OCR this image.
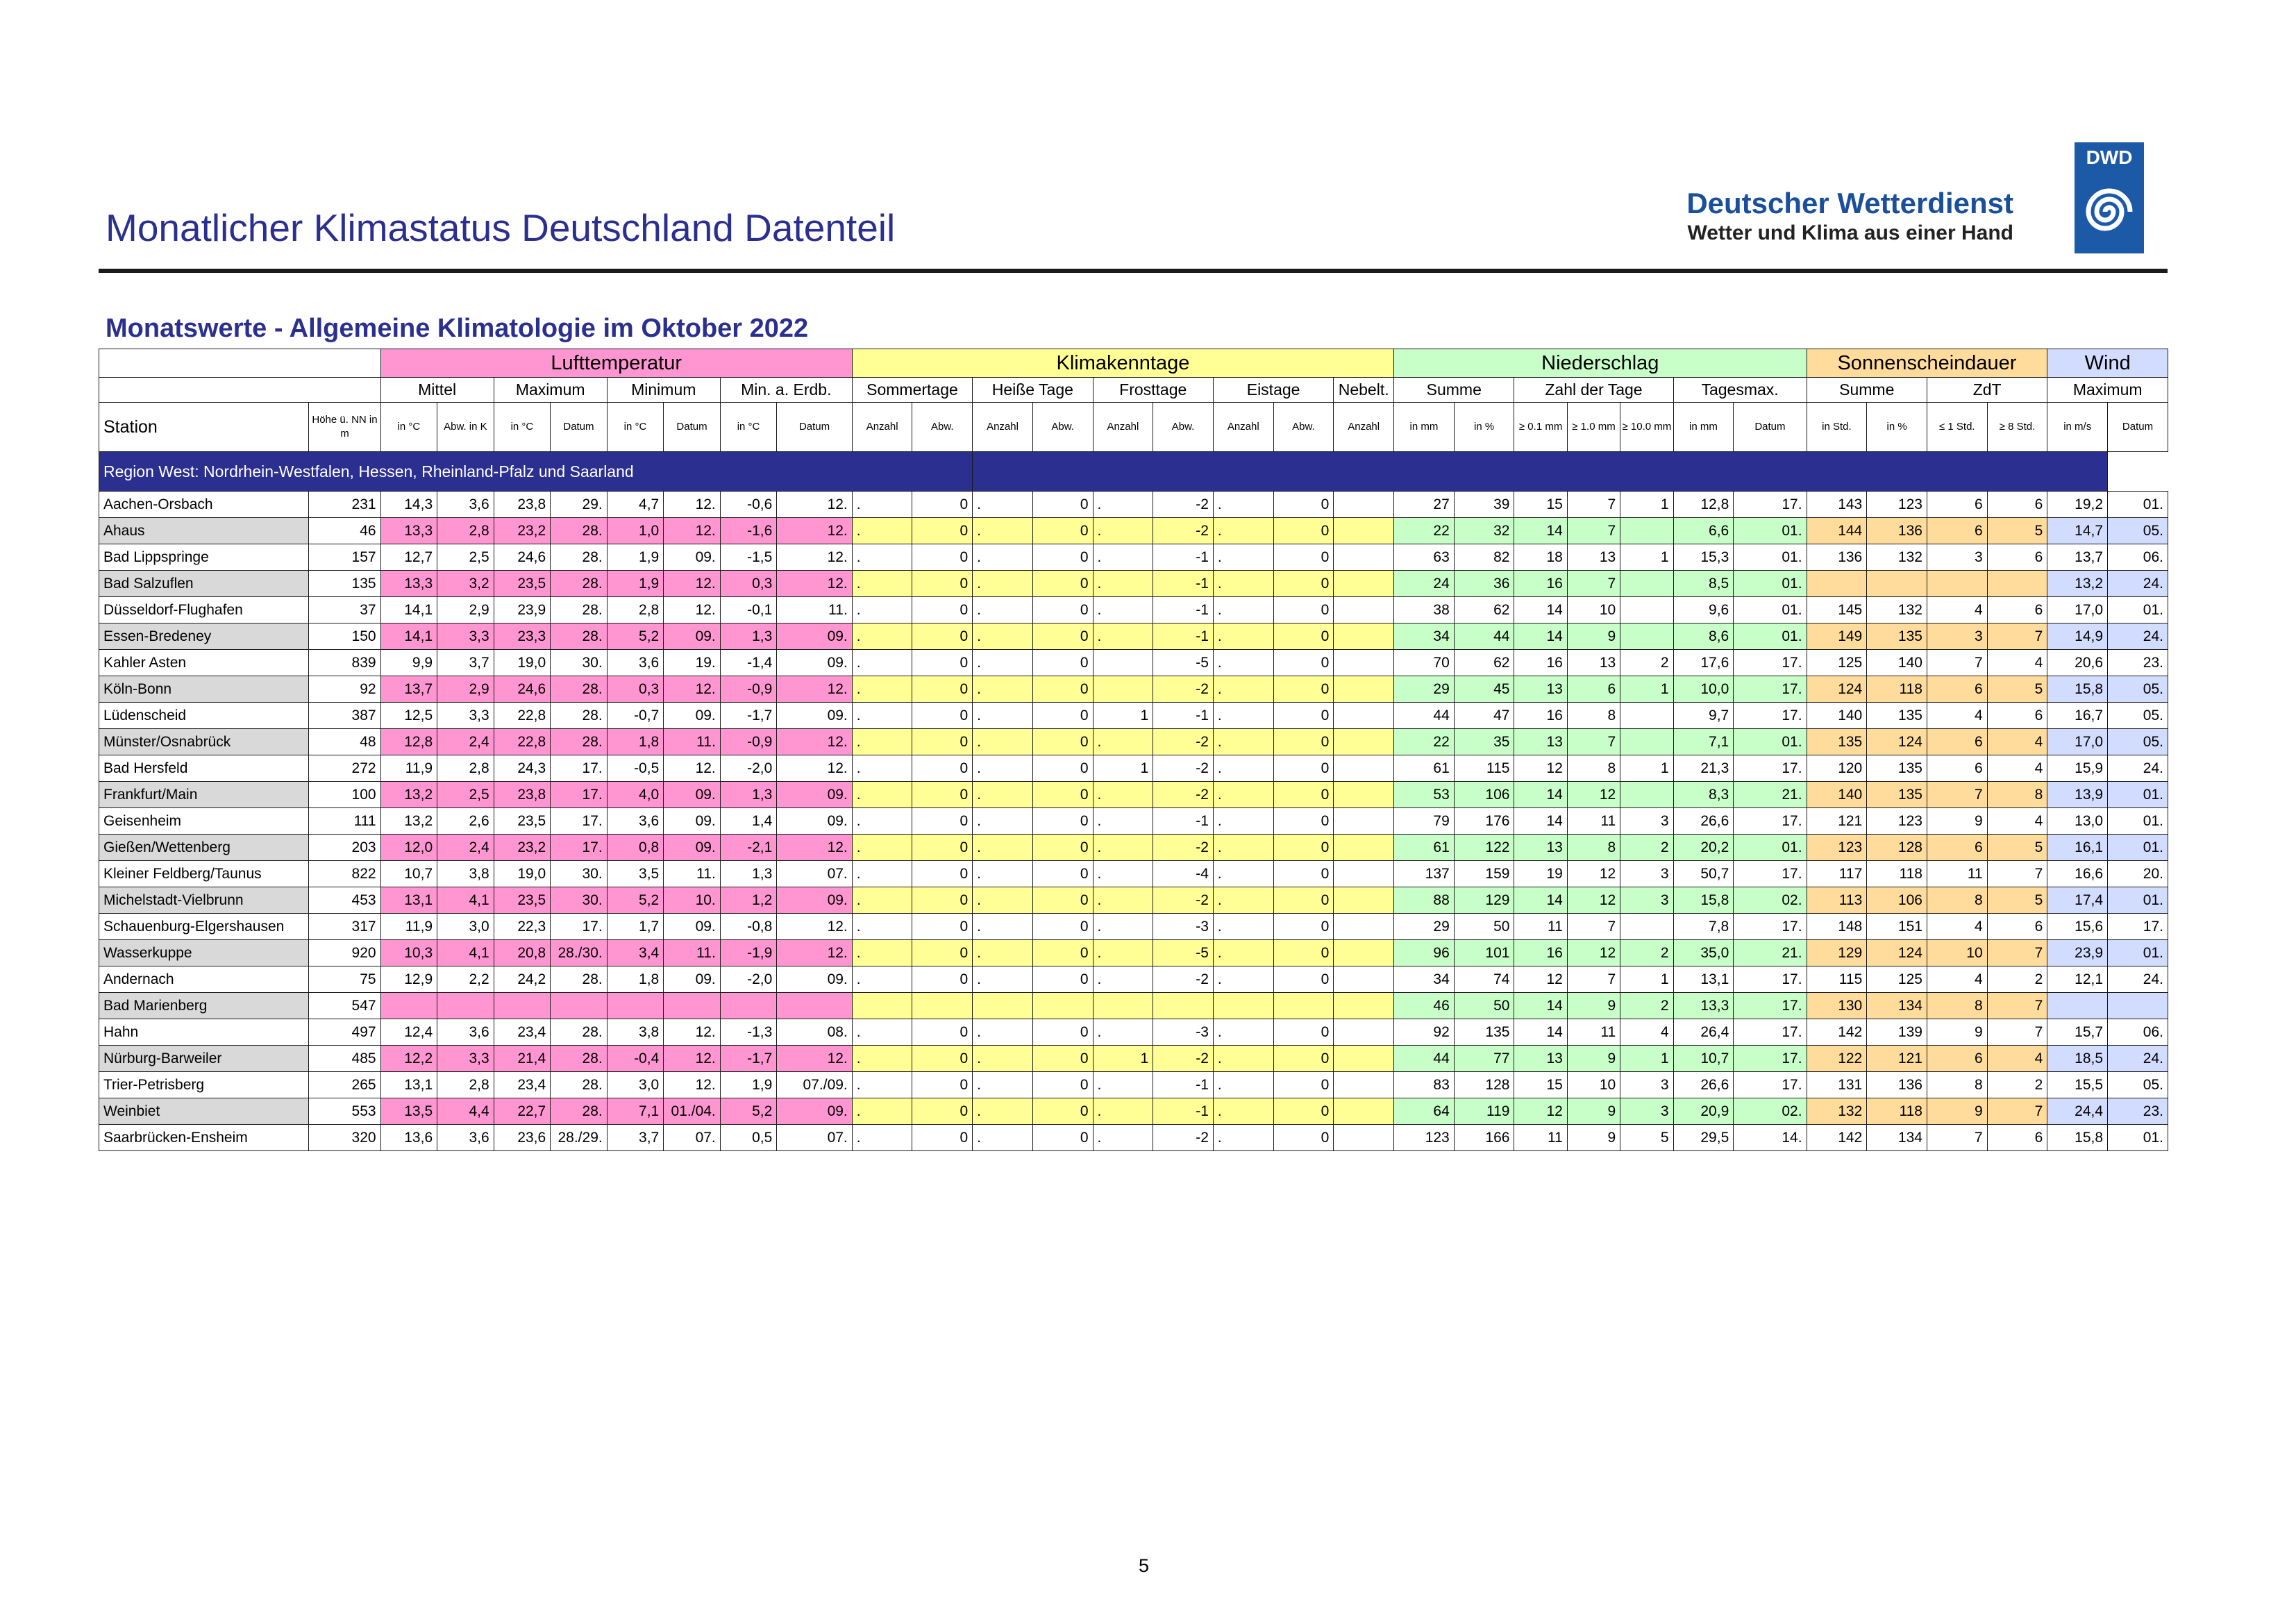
Monatlicher Klimastatus Deutschland Datenteil
Deutscher Wetterdienst
Wetter und Klima aus einer Hand
DWD
Monatswerte - Allgemeine Klimatologie im Oktober 2022
		Lufttemperatur								Klimakenntage									Niederschlag							Sonnenscheindauer				Wind	
		Mittel		Maximum		Minimum		Min. a. Erdb.		Sommertage		Heiße Tage		Frosttage		Eistage		Nebelt.	Summe		Zahl der Tage			Tagesmax.		Summe		ZdT		Maximum	
Station	Höhe ü. NN in m	in °C	Abw. in K	in °C	Datum	in °C	Datum	in °C	Datum	Anzahl	Abw.	Anzahl	Abw.	Anzahl	Abw.	Anzahl	Abw.	Anzahl	in mm	in %	≥ 0.1 mm	≥ 1.0 mm	≥ 10.0 mm	in mm	Datum	in Std.	in %	≤ 1 Std.	≥ 8 Std.	in m/s	Datum
Region West: Nordrhein-Westfalen, Hessen, Rheinland-Pfalz und Saarland																															
Aachen-Orsbach	231	14,3	3,6	23,8	29.	4,7	12.	-0,6	12.	.	0	.	0	.	-2	.	0		27	39	15	7	1	12,8	17.	143	123	6	6	19,2	01.
Ahaus	46	13,3	2,8	23,2	28.	1,0	12.	-1,6	12.	.	0	.	0	.	-2	.	0		22	32	14	7		6,6	01.	144	136	6	5	14,7	05.
Bad Lippspringe	157	12,7	2,5	24,6	28.	1,9	09.	-1,5	12.	.	0	.	0	.	-1	.	0		63	82	18	13	1	15,3	01.	136	132	3	6	13,7	06.
Bad Salzuflen	135	13,3	3,2	23,5	28.	1,9	12.	0,3	12.	.	0	.	0	.	-1	.	0		24	36	16	7		8,5	01.					13,2	24.
Düsseldorf-Flughafen	37	14,1	2,9	23,9	28.	2,8	12.	-0,1	11.	.	0	.	0	.	-1	.	0		38	62	14	10		9,6	01.	145	132	4	6	17,0	01.
Essen-Bredeney	150	14,1	3,3	23,3	28.	5,2	09.	1,3	09.	.	0	.	0	.	-1	.	0		34	44	14	9		8,6	01.	149	135	3	7	14,9	24.
Kahler Asten	839	9,9	3,7	19,0	30.	3,6	19.	-1,4	09.	.	0	.	0		-5	.	0		70	62	16	13	2	17,6	17.	125	140	7	4	20,6	23.
Köln-Bonn	92	13,7	2,9	24,6	28.	0,3	12.	-0,9	12.	.	0	.	0		-2	.	0		29	45	13	6	1	10,0	17.	124	118	6	5	15,8	05.
Lüdenscheid	387	12,5	3,3	22,8	28.	-0,7	09.	-1,7	09.	.	0	.	0	1	-1	.	0		44	47	16	8		9,7	17.	140	135	4	6	16,7	05.
Münster/Osnabrück	48	12,8	2,4	22,8	28.	1,8	11.	-0,9	12.	.	0	.	0	.	-2	.	0		22	35	13	7		7,1	01.	135	124	6	4	17,0	05.
Bad Hersfeld	272	11,9	2,8	24,3	17.	-0,5	12.	-2,0	12.	.	0	.	0	1	-2	.	0		61	115	12	8	1	21,3	17.	120	135	6	4	15,9	24.
Frankfurt/Main	100	13,2	2,5	23,8	17.	4,0	09.	1,3	09.	.	0	.	0	.	-2	.	0		53	106	14	12		8,3	21.	140	135	7	8	13,9	01.
Geisenheim	111	13,2	2,6	23,5	17.	3,6	09.	1,4	09.	.	0	.	0	.	-1	.	0		79	176	14	11	3	26,6	17.	121	123	9	4	13,0	01.
Gießen/Wettenberg	203	12,0	2,4	23,2	17.	0,8	09.	-2,1	12.	.	0	.	0	.	-2	.	0		61	122	13	8	2	20,2	01.	123	128	6	5	16,1	01.
Kleiner Feldberg/Taunus	822	10,7	3,8	19,0	30.	3,5	11.	1,3	07.	.	0	.	0	.	-4	.	0		137	159	19	12	3	50,7	17.	117	118	11	7	16,6	20.
Michelstadt-Vielbrunn	453	13,1	4,1	23,5	30.	5,2	10.	1,2	09.	.	0	.	0	.	-2	.	0		88	129	14	12	3	15,8	02.	113	106	8	5	17,4	01.
Schauenburg-Elgershausen	317	11,9	3,0	22,3	17.	1,7	09.	-0,8	12.	.	0	.	0	.	-3	.	0		29	50	11	7		7,8	17.	148	151	4	6	15,6	17.
Wasserkuppe	920	10,3	4,1	20,8	28./30.	3,4	11.	-1,9	12.	.	0	.	0	.	-5	.	0		96	101	16	12	2	35,0	21.	129	124	10	7	23,9	01.
Andernach	75	12,9	2,2	24,2	28.	1,8	09.	-2,0	09.	.	0	.	0	.	-2	.	0		34	74	12	7	1	13,1	17.	115	125	4	2	12,1	24.
Bad Marienberg	547																		46	50	14	9	2	13,3	17.	130	134	8	7		
Hahn	497	12,4	3,6	23,4	28.	3,8	12.	-1,3	08.	.	0	.	0	.	-3	.	0		92	135	14	11	4	26,4	17.	142	139	9	7	15,7	06.
Nürburg-Barweiler	485	12,2	3,3	21,4	28.	-0,4	12.	-1,7	12.	.	0	.	0	1	-2	.	0		44	77	13	9	1	10,7	17.	122	121	6	4	18,5	24.
Trier-Petrisberg	265	13,1	2,8	23,4	28.	3,0	12.	1,9	07./09.	.	0	.	0	.	-1	.	0		83	128	15	10	3	26,6	17.	131	136	8	2	15,5	05.
Weinbiet	553	13,5	4,4	22,7	28.	7,1	01./04.	5,2	09.	.	0	.	0	.	-1	.	0		64	119	12	9	3	20,9	02.	132	118	9	7	24,4	23.
Saarbrücken-Ensheim	320	13,6	3,6	23,6	28./29.	3,7	07.	0,5	07.	.	0	.	0	.	-2	.	0		123	166	11	9	5	29,5	14.	142	134	7	6	15,8	01.
5
